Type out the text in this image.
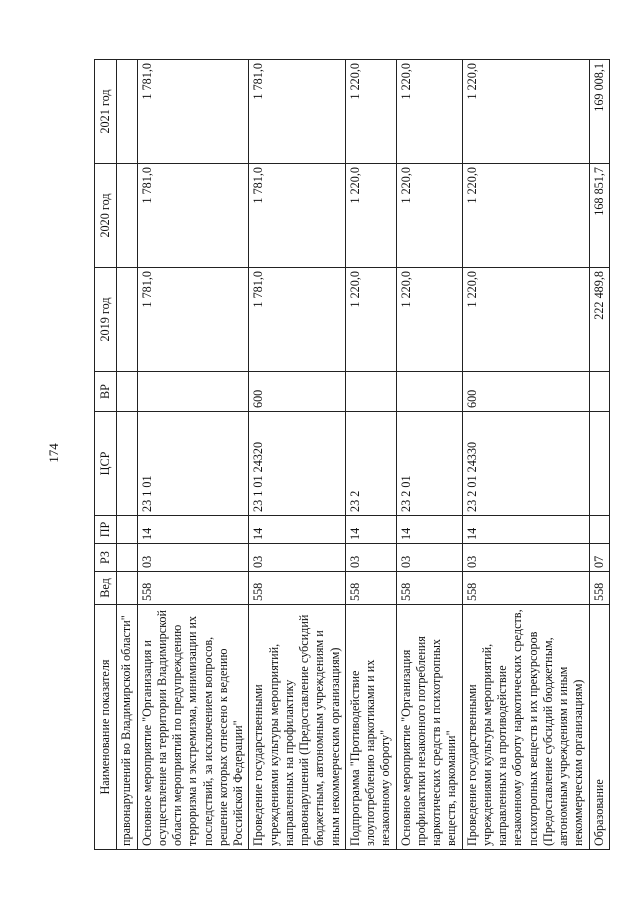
174
Наименование показателя	Вед	РЗ	ПР	ЦСР	ВР	2019 год	2020 год	2021 год
правонарушений во Владимирской области"								
Основное мероприятие "Организация и осуществление на территории Владимирской области мероприятий по предупреждению терроризма и экстремизма, минимизации их последствий, за исключением вопросов, решение которых отнесено к ведению Российской Федерации"	558	03	14	23 1 01		1 781,0	1 781,0	1 781,0
Проведение государственными учреждениями культуры мероприятий, направленных на профилактику правонарушений (Предоставление субсидий бюджетным, автономным учреждениям и иным некоммерческим организациям)	558	03	14	23 1 01 24320	600	1 781,0	1 781,0	1 781,0
Подпрограмма "Противодействие злоупотреблению наркотиками и их незаконному обороту"	558	03	14	23 2		1 220,0	1 220,0	1 220,0
Основное мероприятие "Организация профилактики незаконного потребления наркотических средств и психотропных веществ, наркомании"	558	03	14	23 2 01		1 220,0	1 220,0	1 220,0
Проведение государственными учреждениями культуры мероприятий, направленных на противодействие незаконному обороту наркотических средств, психотропных веществ и их прекурсоров (Предоставление субсидий бюджетным, автономным учреждениям и иным некоммерческим организациям)	558	03	14	23 2 01 24330	600	1 220,0	1 220,0	1 220,0
Образование	558	07				222 489,8	168 851,7	169 008,1
